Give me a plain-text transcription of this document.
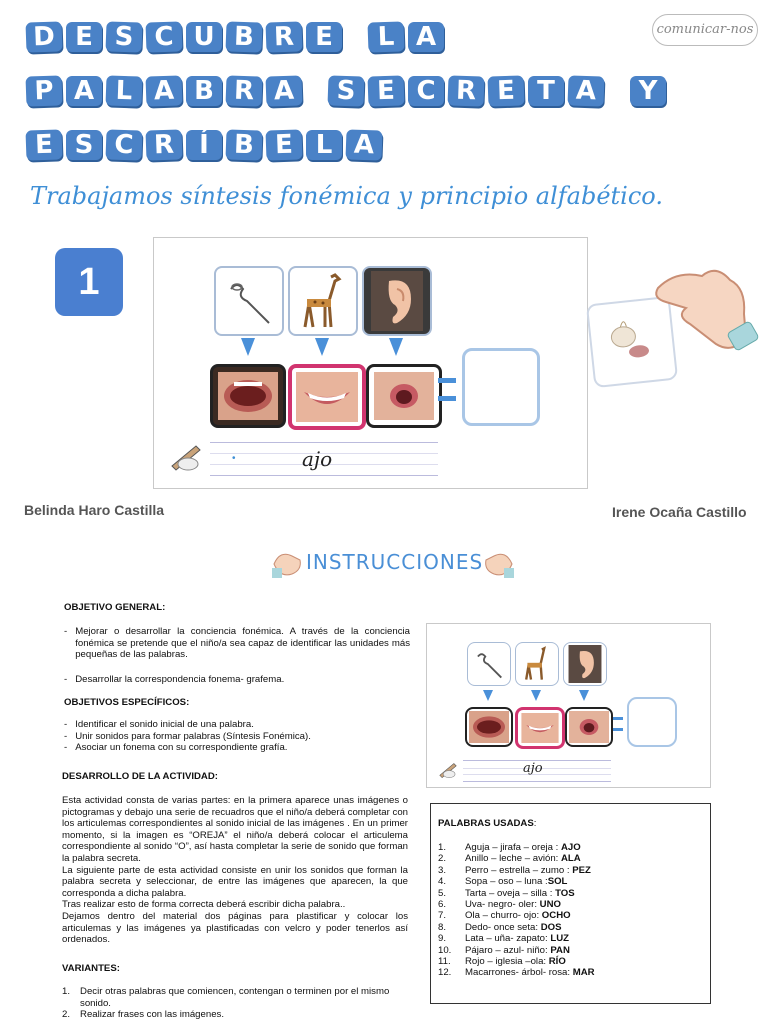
D E S C U B R E	L A
P A L A B R A	S E C R E T A	Y
E S C R Í B E L A
comunicar-nos
Trabajamos síntesis fonémica y principio alfabético.
1
•	ajo
Belinda Haro Castilla	Irene Ocaña Castillo
INSTRUCCIONES
OBJETIVO GENERAL:
- Mejorar o desarrollar la conciencia fonémica. A través de la conciencia fonémica se pretende que el niño/a sea capaz de identificar las unidades más pequeñas de las palabras.
- Desarrollar la correspondencia fonema- grafema.
OBJETIVOS ESPECÍFICOS:
- Identificar el sonido inicial de una palabra.
- Unir sonidos para formar palabras (Síntesis Fonémica).
- Asociar un fonema con su correspondiente grafía.
DESARROLLO DE LA ACTIVIDAD:
Esta actividad consta de varias partes: en la primera aparece unas imágenes o pictogramas y debajo una serie de recuadros que el niño/a deberá completar con los articulemas correspondientes al sonido inicial de las imágenes . En un primer momento, si la imagen es “OREJA” el niño/a deberá colocar el articulema correspondiente al sonido “O”, así hasta completar la serie de sonido que forman la palabra secreta.
La siguiente parte de esta actividad consiste en unir los sonidos que forman la palabra secreta y seleccionar, de entre las imágenes que aparecen, la que corresponda a dicha palabra.
Tras realizar esto de forma correcta deberá escribir dicha palabra..
Dejamos dentro del material dos páginas para plastificar y colocar los articulemas y las imágenes ya plastificadas con velcro y poder tenerlos así ordenados.
VARIANTES:
1. Decir otras palabras que comiencen, contengan o terminen por el mismo sonido.
2. Realizar frases con las imágenes.
ajo
PALABRAS USADAS:
1.	Aguja – jirafa – oreja : AJO
2.	Anillo – leche – avión: ALA
3.	Perro – estrella – zumo : PEZ
4.	Sopa – oso – luna : SOL
5.	Tarta – oveja – silla : TOS
6.	Uva- negro- oler: UNO
7.	Ola – churro- ojo: OCHO
8.	Dedo- once seta: DOS
9.	Lata – uña- zapato: LUZ
10.	Pájaro – azul- niño: PAN
11.	Rojo – iglesia –ola: RÍO
12.	Macarrones- árbol- rosa: MAR
